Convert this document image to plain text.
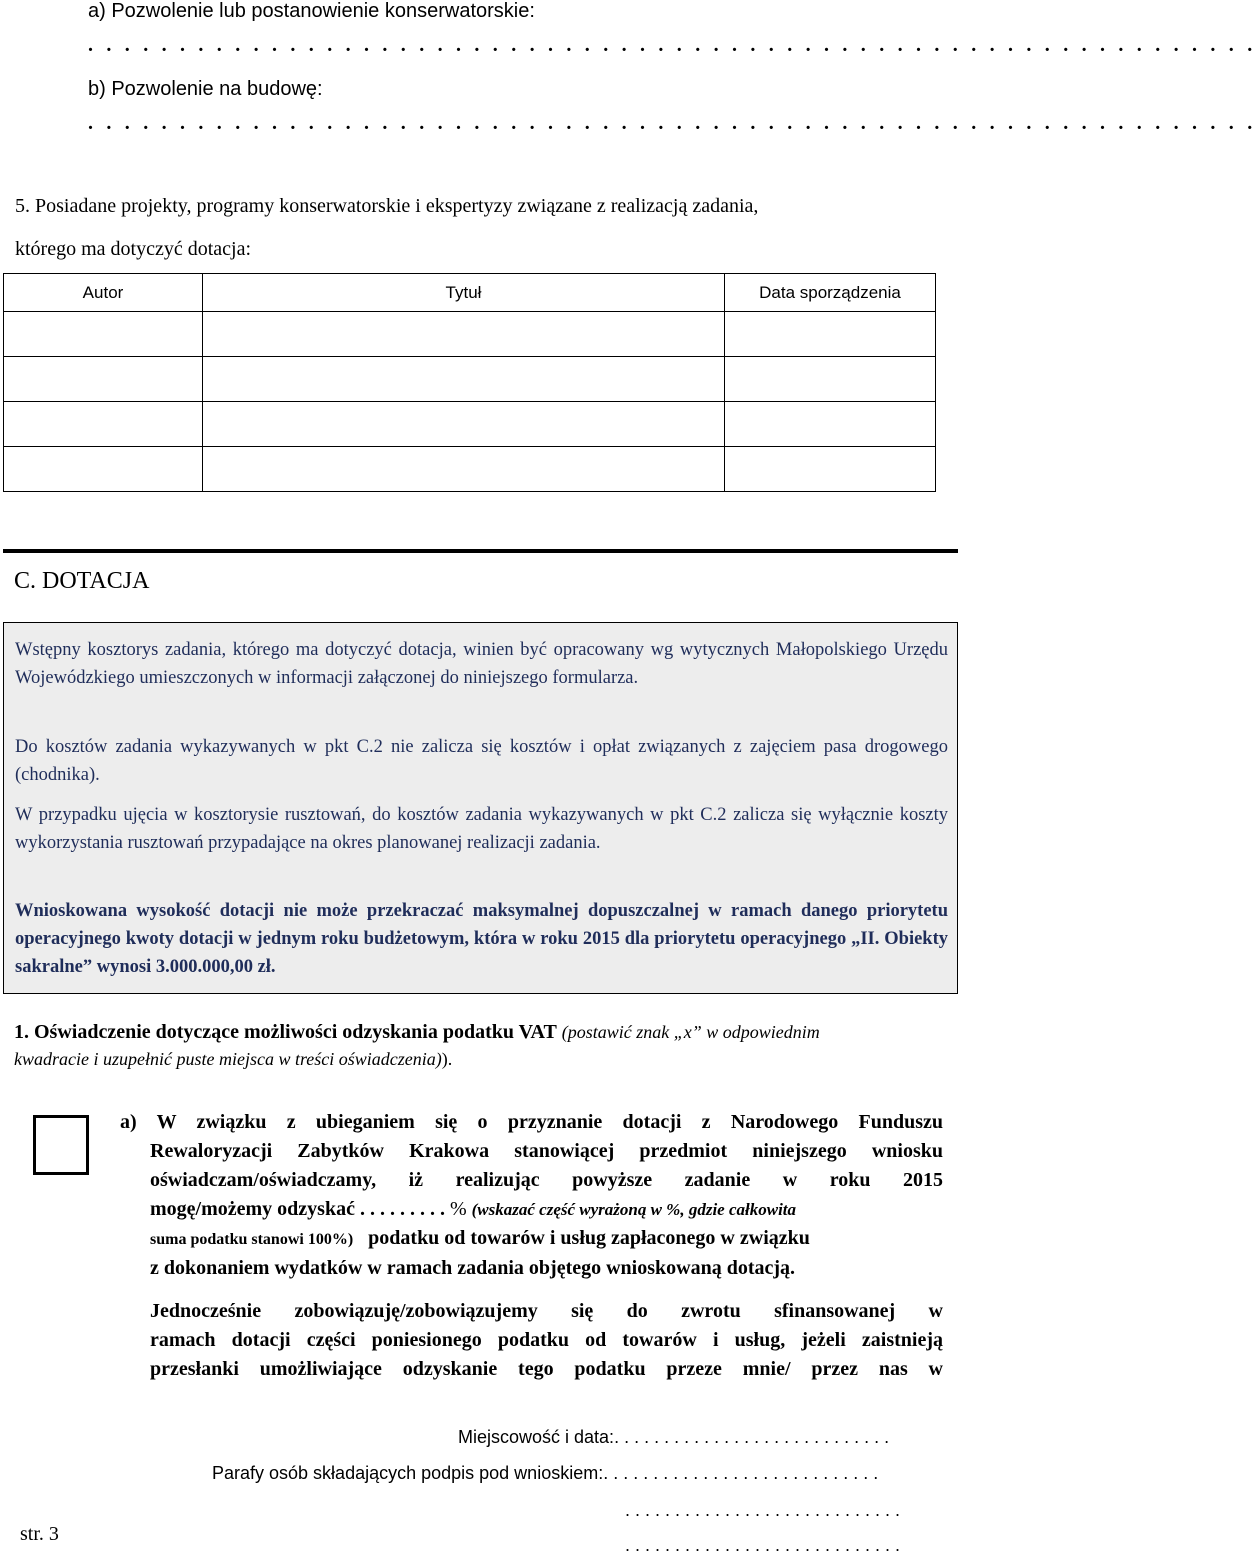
a) Pozwolenie lub postanowienie konserwatorskie:
. . . . . . . . . . . . . . . . . . . . . . . . . . . . . . . . . . . . . . . . . . . . . . . . . . . . . . . . . . . . . . . .
b) Pozwolenie na budowę:
. . . . . . . . . . . . . . . . . . . . . . . . . . . . . . . . . . . . . . . . . . . . . . . . . . . . . . . . . . . . . . . .
5. Posiadane projekty, programy konserwatorskie i ekspertyzy związane z realizacją zadania,
którego ma dotyczyć dotacja:
Autor	Tytuł	Data sporządzenia

C. DOTACJA

Wstępny kosztorys zadania, którego ma dotyczyć dotacja, winien być opracowany wg wytycznych Małopolskiego Urzędu Wojewódzkiego umieszczonych w informacji załączonej do niniejszego formularza.

Do kosztów zadania wykazywanych w pkt C.2 nie zalicza się kosztów i opłat związanych z zajęciem pasa drogowego (chodnika).

W przypadku ujęcia w kosztorysie rusztowań, do kosztów zadania wykazywanych w pkt C.2 zalicza się wyłącznie koszty wykorzystania rusztowań przypadające na okres planowanej realizacji zadania.

Wnioskowana wysokość dotacji nie może przekraczać maksymalnej dopuszczalnej w ramach danego priorytetu operacyjnego kwoty dotacji w jednym roku budżetowym, która w roku 2015 dla priorytetu operacyjnego „II. Obiekty sakralne” wynosi 3.000.000,00 zł.

1. Oświadczenie dotyczące możliwości odzyskania podatku VAT (postawić znak „x” w odpowiednim
kwadracie i uzupełnić puste miejsca w treści oświadczenia)).
a) W związku z ubieganiem się o przyznanie dotacji z Narodowego Funduszu
Rewaloryzacji Zabytków Krakowa stanowiącej przedmiot niniejszego wniosku
oświadczam/oświadczamy, iż realizując powyższe zadanie w roku 2015
mogę/możemy odzyskać . . . . . . . . . % (wskazać część wyrażoną w %, gdzie całkowita
suma podatku stanowi 100%) podatku od towarów i usług zapłaconego w związku
z dokonaniem wydatków w ramach zadania objętego wnioskowaną dotacją.
Jednocześnie zobowiązuję/zobowiązujemy się do zwrotu sfinansowanej w
ramach dotacji części poniesionego podatku od towarów i usług, jeżeli zaistnieją
przesłanki umożliwiające odzyskanie tego podatku przeze mnie/ przez nas w
Miejscowość i data:. . . . . . . . . . . . . . . . . . . . . . . . . . . .
Parafy osób składających podpis pod wnioskiem:. . . . . . . . . . . . . . . . . . . . . . . . . . . .
. . . . . . . . . . . . . . . . . . . . . . . . . . . .
. . . . . . . . . . . . . . . . . . . . . . . . . . . .
str. 3
